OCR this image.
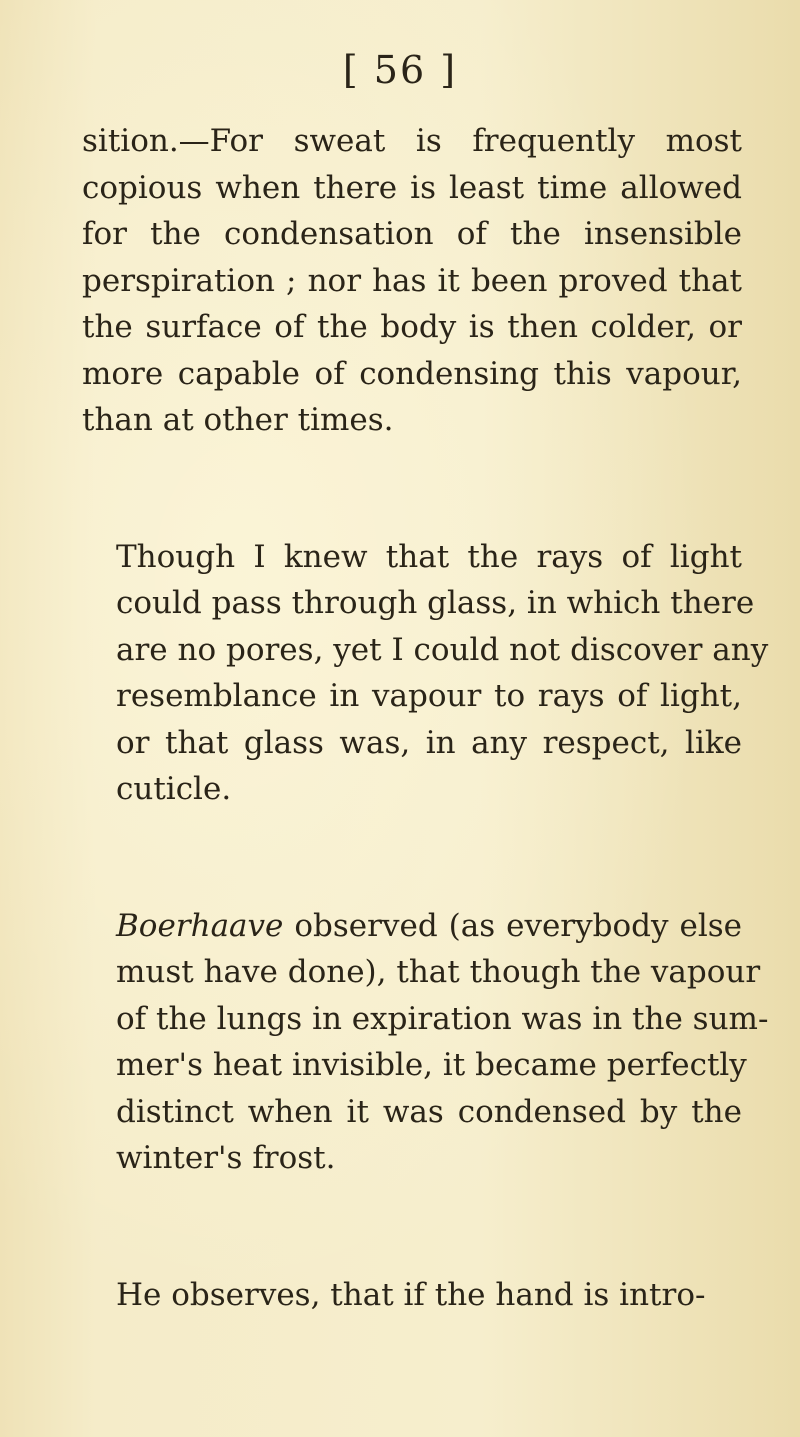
[ 56 ]

sition.—For sweat is frequently most
copious when there is least time allowed
for the condensation of the insensible
perspiration ; nor has it been proved that
the surface of the body is then colder, or
more capable of condensing this vapour,
than at other times.

Though I knew that the rays of light
could pass through glass, in which there
are no pores, yet I could not discover any
resemblance in vapour to rays of light,
or that glass was, in any respect, like
cuticle.

Boerhaave observed (as everybody else
must have done), that though the vapour
of the lungs in expiration was in the sum-
mer's heat invisible, it became perfectly
distinct when it was condensed by the
winter's frost.

He observes, that if the hand is intro-
